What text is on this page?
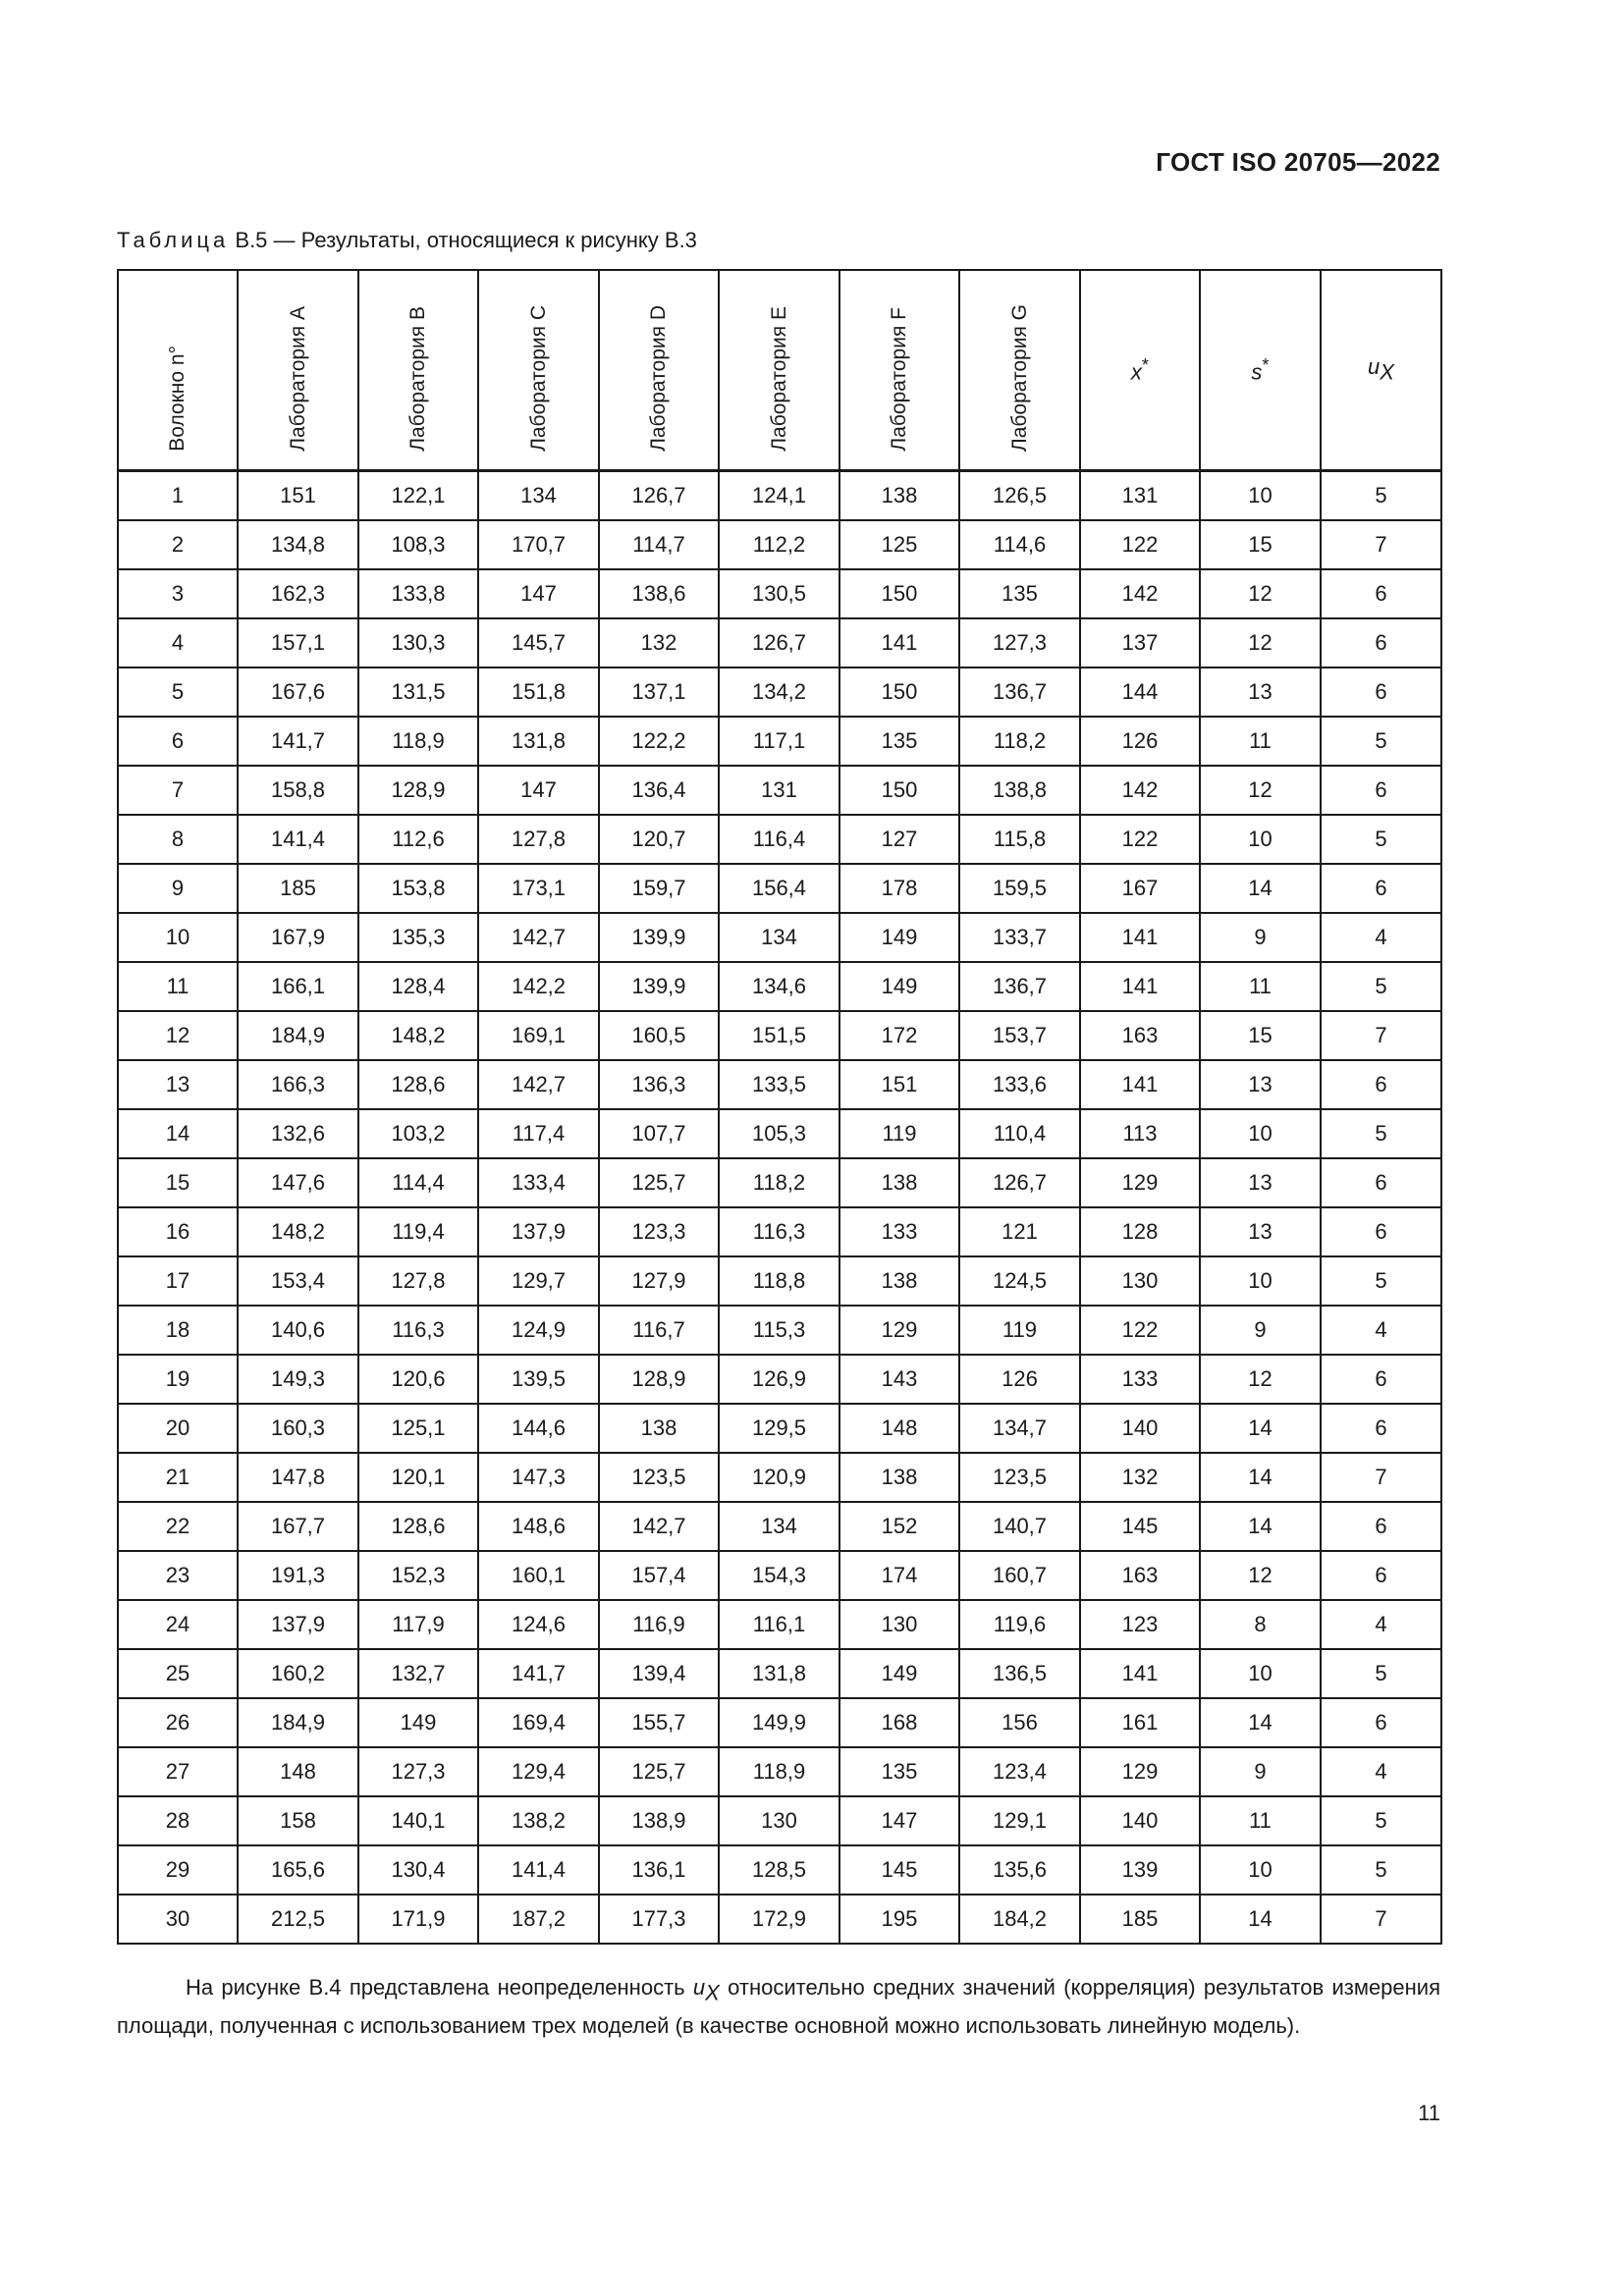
ГОСТ ISO 20705—2022
Таблица В.5 — Результаты, относящиеся к рисунку В.3
Волокно n°	Лаборатория A	Лаборатория B	Лаборатория C	Лаборатория D	Лаборатория E	Лаборатория F	Лаборатория G	x*	s*	$u_X$
1	151	122,1	134	126,7	124,1	138	126,5	131	10	5
2	134,8	108,3	170,7	114,7	112,2	125	114,6	122	15	7
3	162,3	133,8	147	138,6	130,5	150	135	142	12	6
4	157,1	130,3	145,7	132	126,7	141	127,3	137	12	6
5	167,6	131,5	151,8	137,1	134,2	150	136,7	144	13	6
6	141,7	118,9	131,8	122,2	117,1	135	118,2	126	11	5
7	158,8	128,9	147	136,4	131	150	138,8	142	12	6
8	141,4	112,6	127,8	120,7	116,4	127	115,8	122	10	5
9	185	153,8	173,1	159,7	156,4	178	159,5	167	14	6
10	167,9	135,3	142,7	139,9	134	149	133,7	141	9	4
11	166,1	128,4	142,2	139,9	134,6	149	136,7	141	11	5
12	184,9	148,2	169,1	160,5	151,5	172	153,7	163	15	7
13	166,3	128,6	142,7	136,3	133,5	151	133,6	141	13	6
14	132,6	103,2	117,4	107,7	105,3	119	110,4	113	10	5
15	147,6	114,4	133,4	125,7	118,2	138	126,7	129	13	6
16	148,2	119,4	137,9	123,3	116,3	133	121	128	13	6
17	153,4	127,8	129,7	127,9	118,8	138	124,5	130	10	5
18	140,6	116,3	124,9	116,7	115,3	129	119	122	9	4
19	149,3	120,6	139,5	128,9	126,9	143	126	133	12	6
20	160,3	125,1	144,6	138	129,5	148	134,7	140	14	6
21	147,8	120,1	147,3	123,5	120,9	138	123,5	132	14	7
22	167,7	128,6	148,6	142,7	134	152	140,7	145	14	6
23	191,3	152,3	160,1	157,4	154,3	174	160,7	163	12	6
24	137,9	117,9	124,6	116,9	116,1	130	119,6	123	8	4
25	160,2	132,7	141,7	139,4	131,8	149	136,5	141	10	5
26	184,9	149	169,4	155,7	149,9	168	156	161	14	6
27	148	127,3	129,4	125,7	118,9	135	123,4	129	9	4
28	158	140,1	138,2	138,9	130	147	129,1	140	11	5
29	165,6	130,4	141,4	136,1	128,5	145	135,6	139	10	5
30	212,5	171,9	187,2	177,3	172,9	195	184,2	185	14	7
На рисунке В.4 представлена неопределенность $u_X$ относительно средних значений (корреляция) результатов измерения площади, полученная с использованием трех моделей (в качестве основной можно использовать линейную модель).
11
